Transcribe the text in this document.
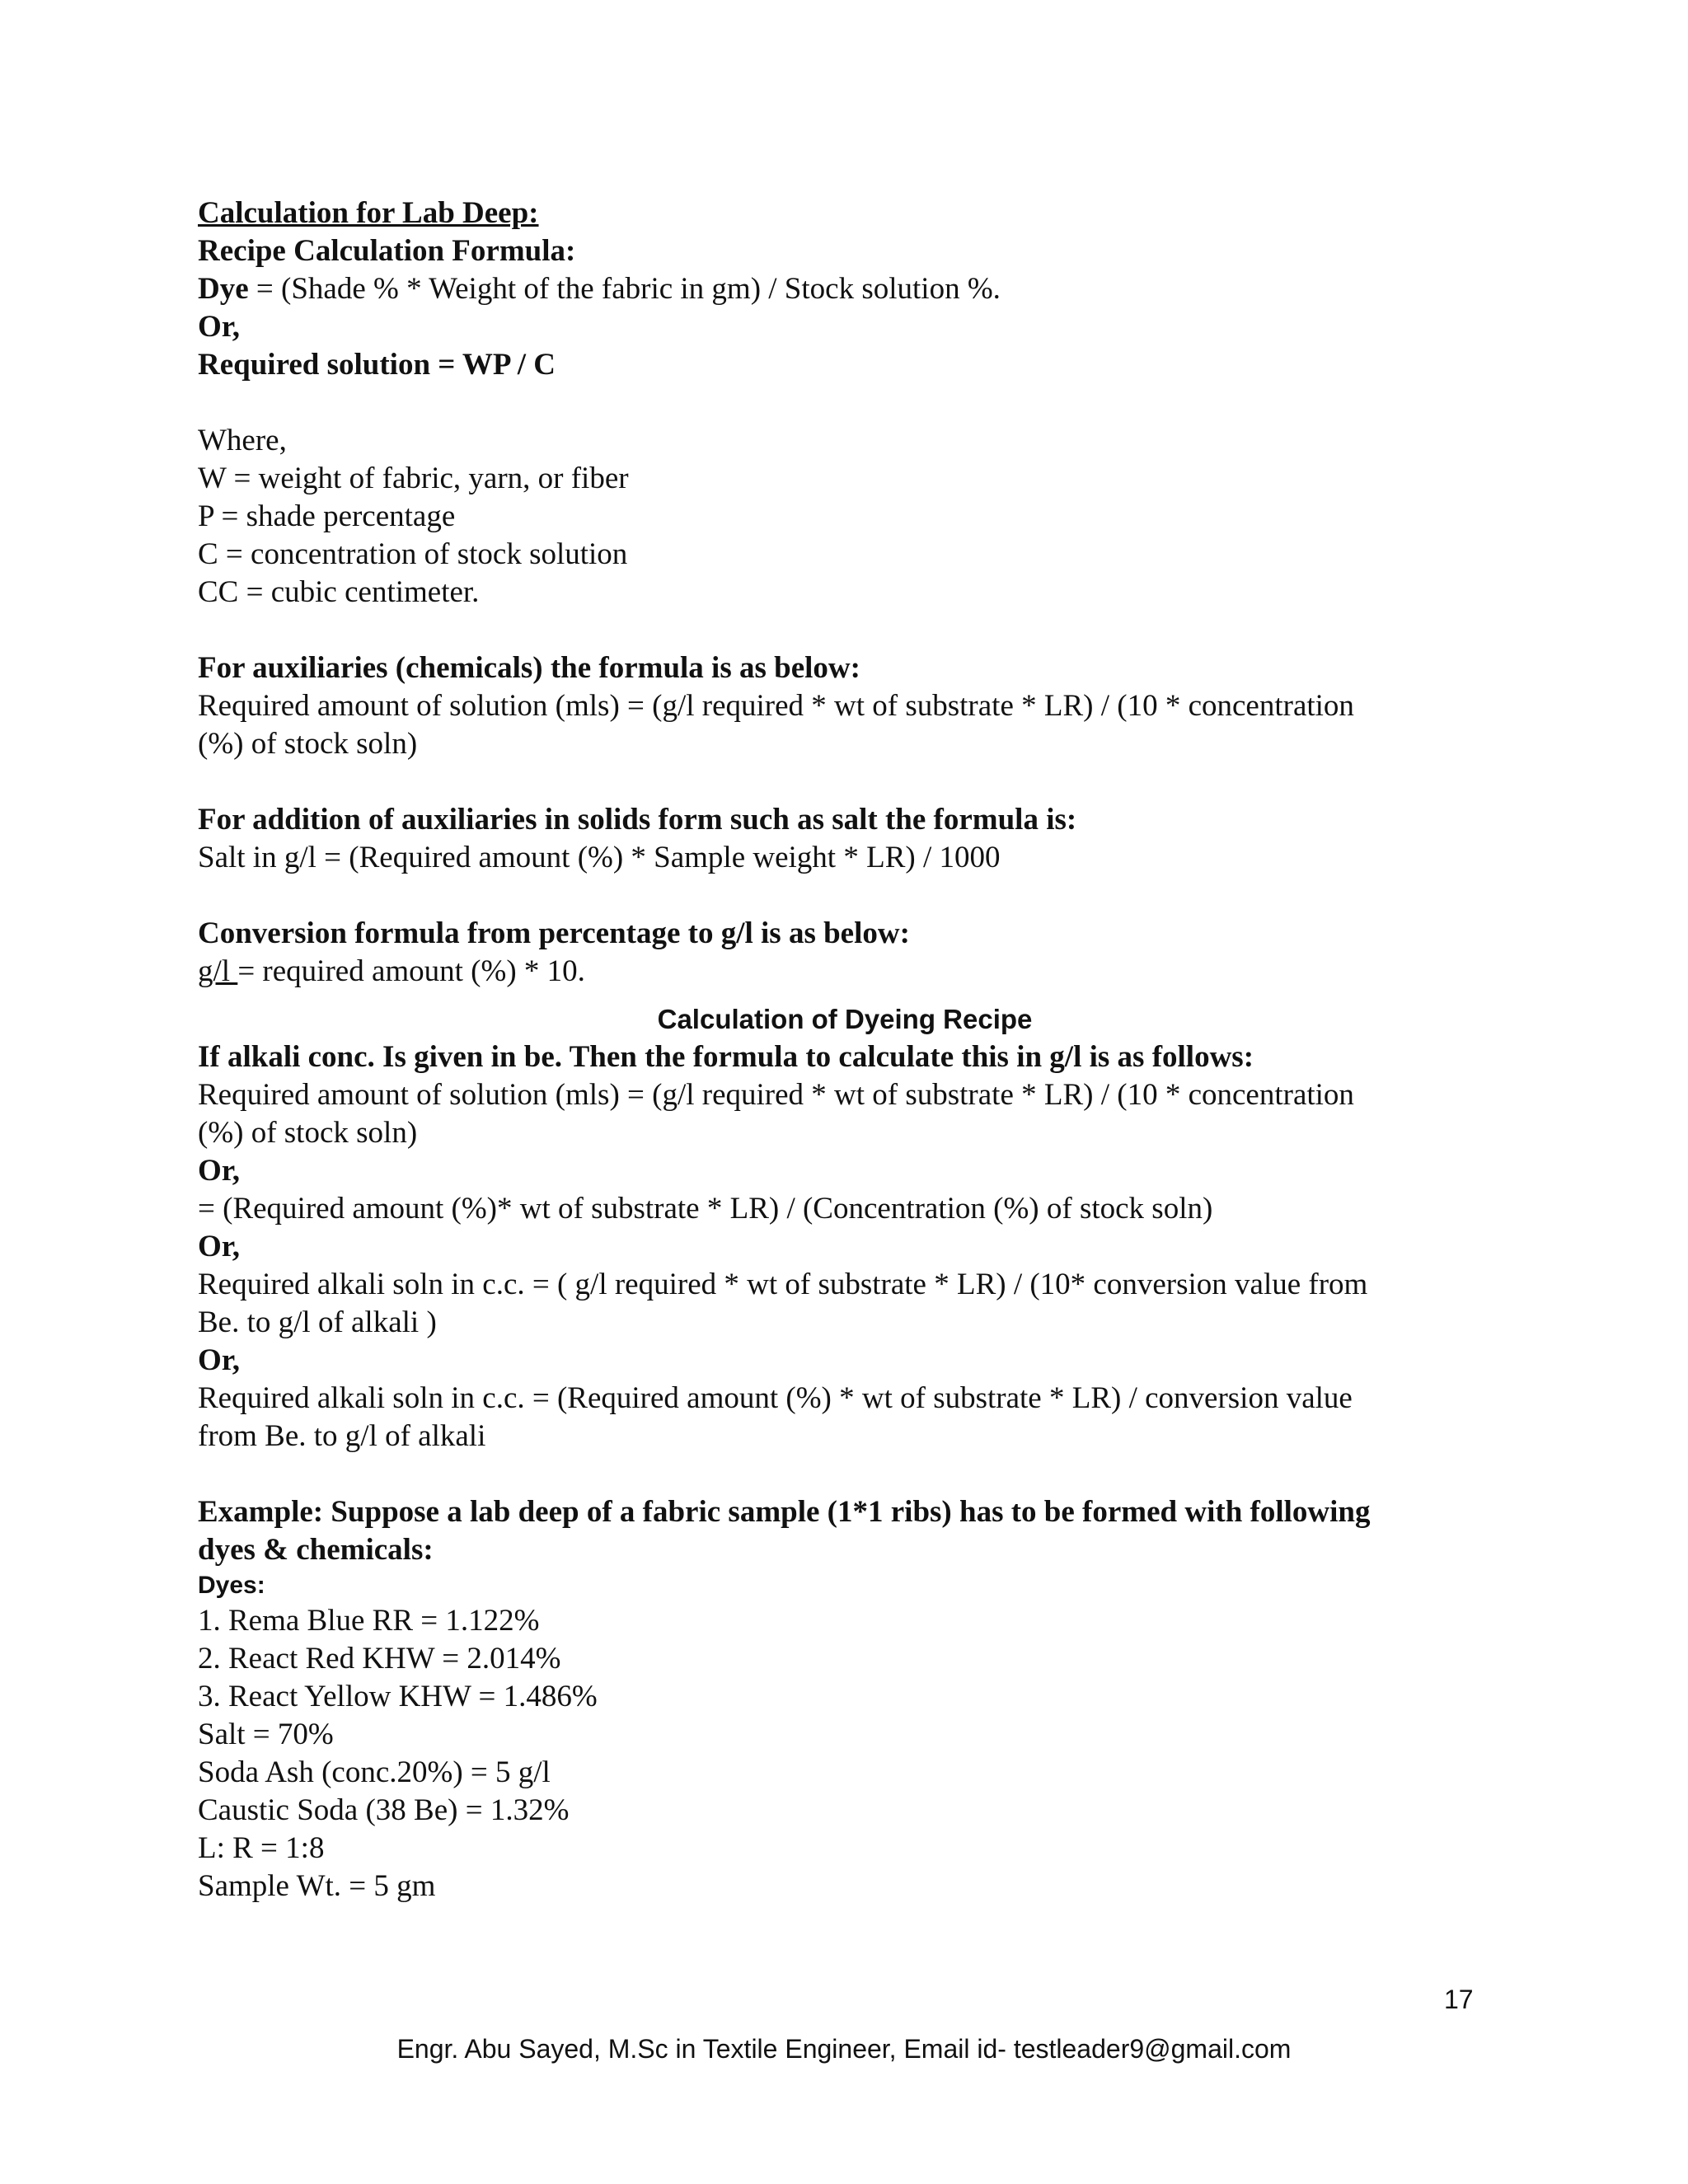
Calculation for Lab Deep:

Recipe Calculation Formula:

Dye = (Shade % * Weight of the fabric in gm) / Stock solution %.

Or,

Required solution = WP / C

Where,

W = weight of fabric, yarn, or fiber

P = shade percentage

C = concentration of stock solution

CC = cubic centimeter.

For auxiliaries (chemicals) the formula is as below:

Required amount of solution (mls) = (g/l required * wt of substrate * LR) / (10 * concentration

(%) of stock soln)

For addition of auxiliaries in solids form such as salt the formula is:

Salt in g/l = (Required amount (%) * Sample weight * LR) / 1000

Conversion formula from percentage to g/l is as below:

g/l = required amount (%) * 10.

Calculation of Dyeing Recipe

If alkali conc. Is given in be. Then the formula to calculate this in g/l is as follows:

Required amount of solution (mls) = (g/l required * wt of substrate * LR) / (10 * concentration

(%) of stock soln)

Or,

= (Required amount (%)* wt of substrate * LR) / (Concentration (%) of stock soln)

Or,

Required alkali soln in c.c. = ( g/l required * wt of substrate * LR) / (10* conversion value from

Be. to g/l of alkali )

Or,

Required alkali soln in c.c. = (Required amount (%) * wt of substrate * LR) / conversion value

from Be. to g/l of alkali

Example: Suppose a lab deep of a fabric sample (1*1 ribs) has to be formed with following

dyes & chemicals:

Dyes:

1. Rema Blue RR = 1.122%

2. React Red KHW = 2.014%

3. React Yellow KHW = 1.486%

Salt = 70%

Soda Ash (conc.20%) = 5 g/l

Caustic Soda (38 Be) = 1.32%

L: R = 1:8

Sample Wt. = 5 gm

17
Engr. Abu Sayed, M.Sc in Textile Engineer, Email id- testleader9@gmail.com
